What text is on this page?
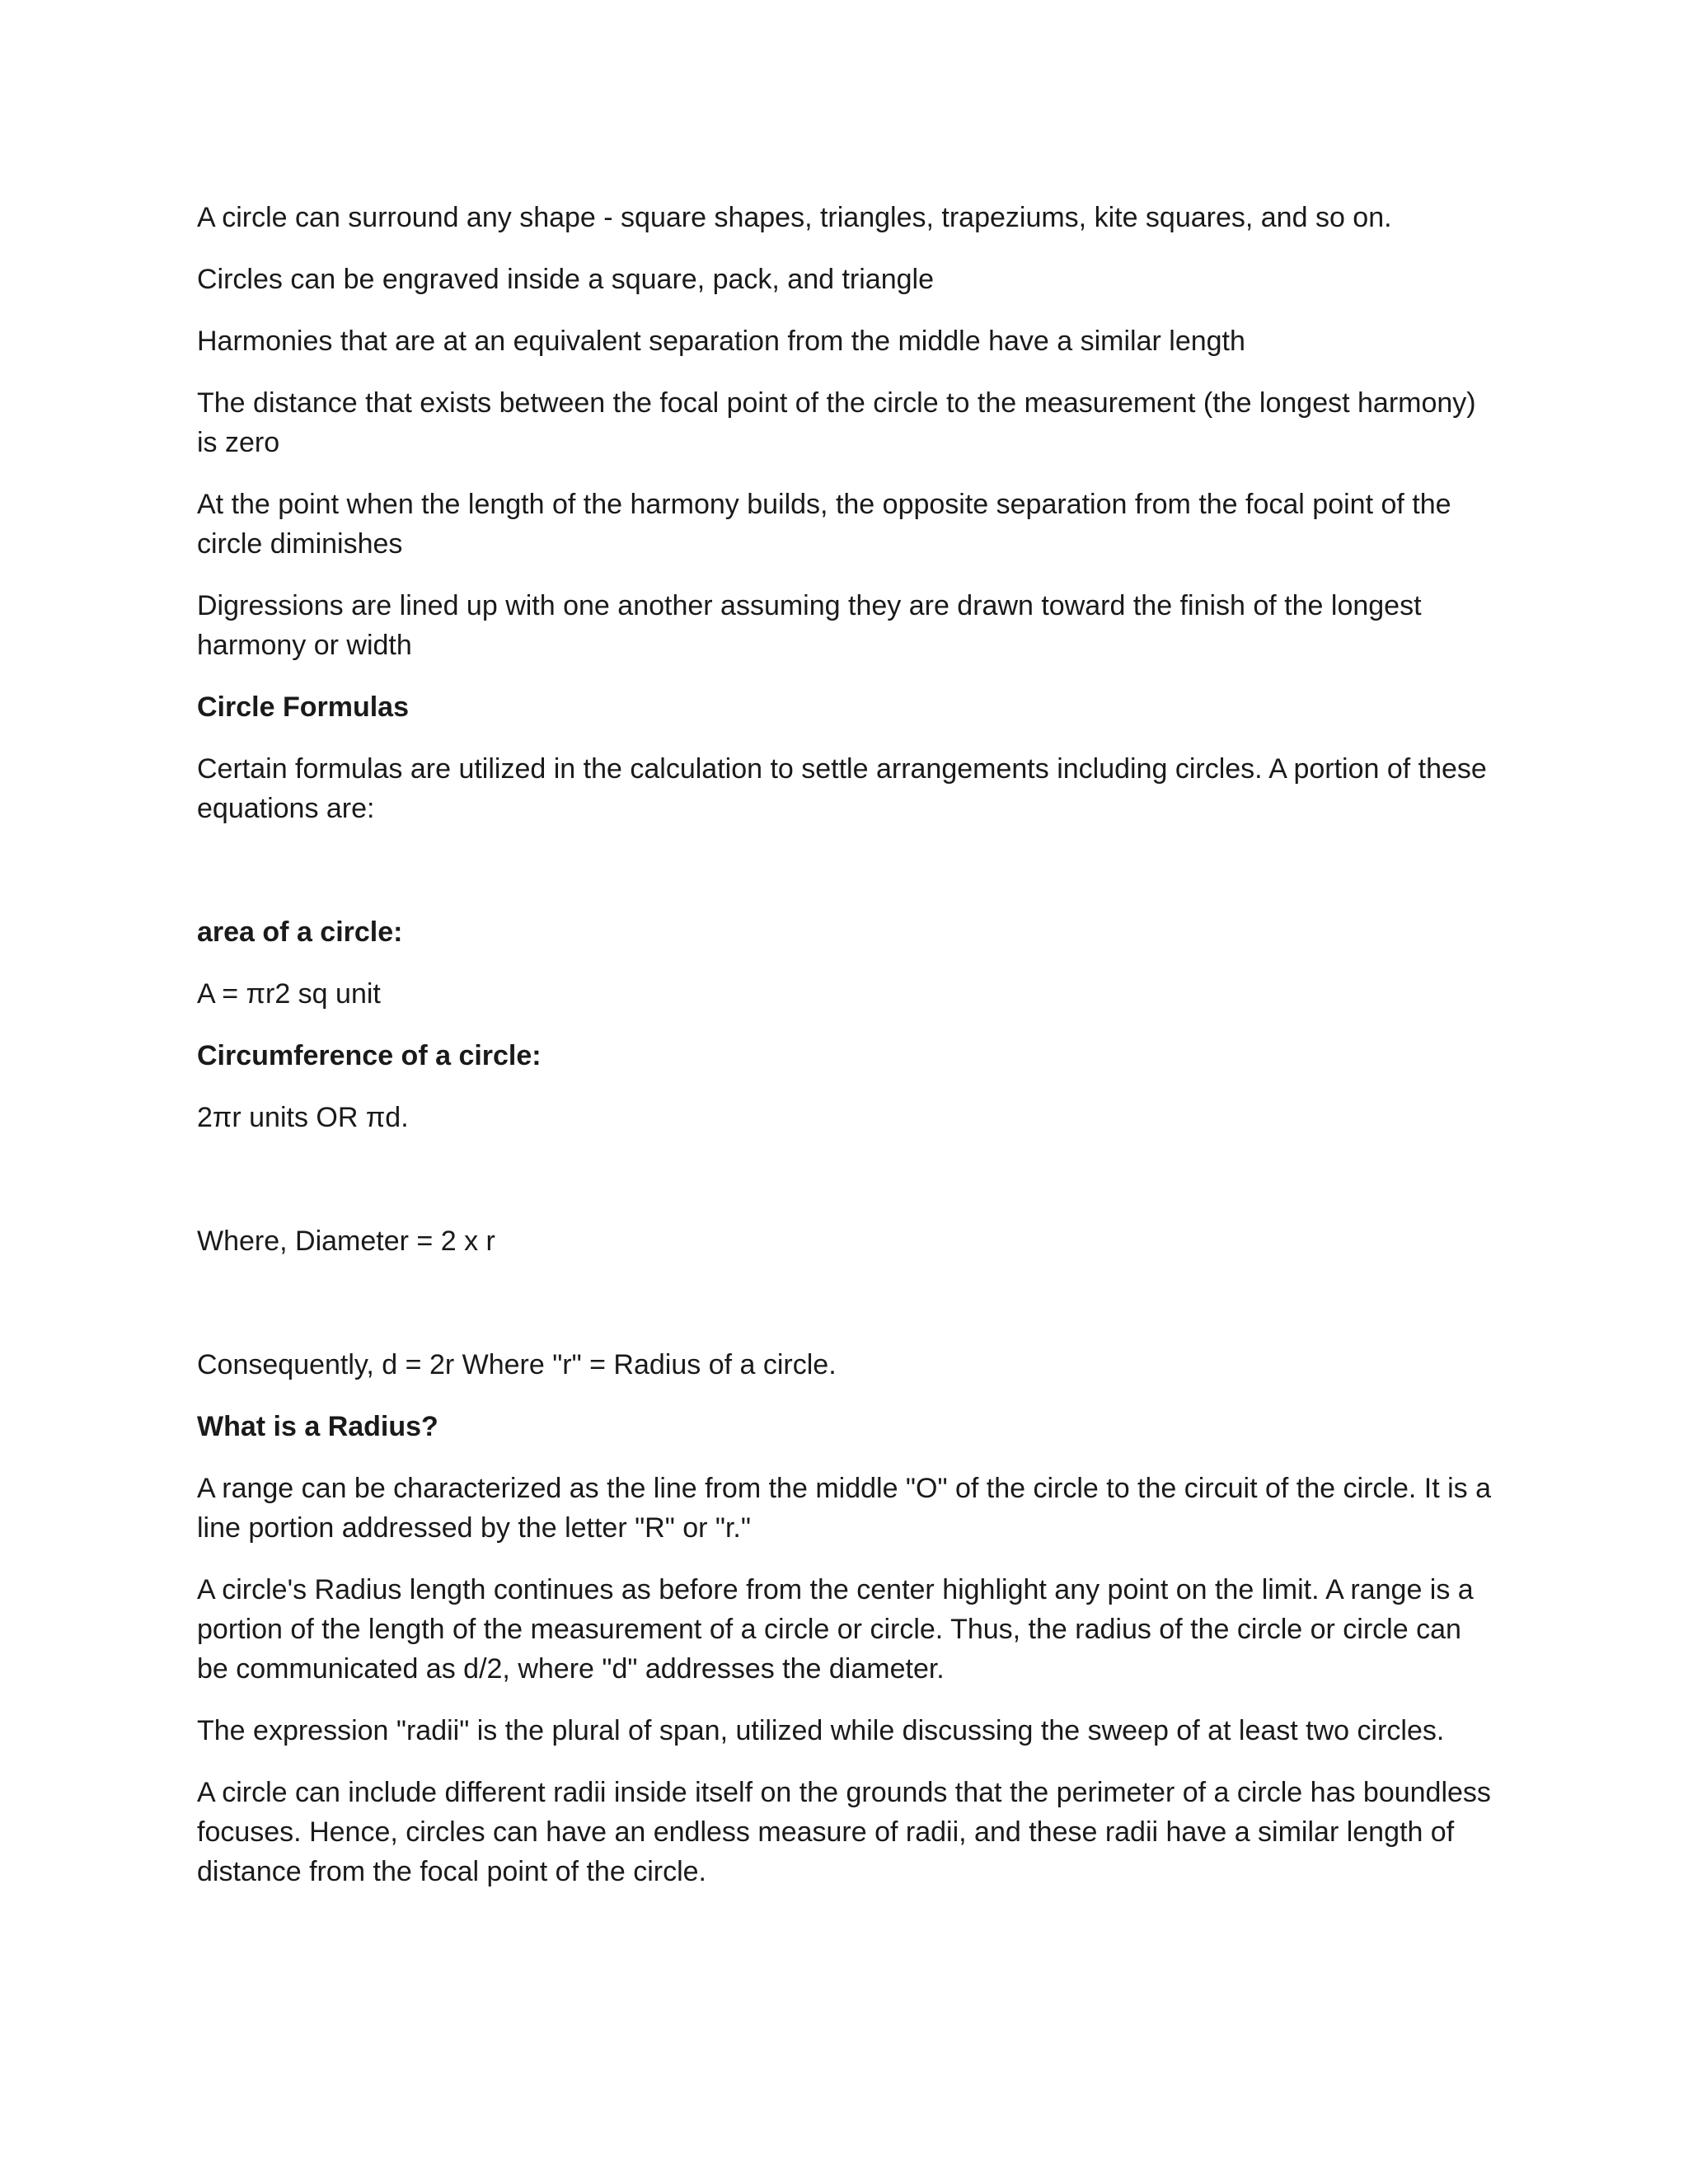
A circle can surround any shape - square shapes, triangles, trapeziums, kite squares, and so on.

Circles can be engraved inside a square, pack, and triangle

Harmonies that are at an equivalent separation from the middle have a similar length

The distance that exists between the focal point of the circle to the measurement (the longest harmony) is zero

At the point when the length of the harmony builds, the opposite separation from the focal point of the circle diminishes

Digressions are lined up with one another assuming they are drawn toward the finish of the longest harmony or width

Circle Formulas

Certain formulas are utilized in the calculation to settle arrangements including circles. A portion of these equations are:

area of a circle:

A = πr2 sq unit

Circumference of a circle:

2πr units OR πd.

Where, Diameter = 2 x r

Consequently, d = 2r Where "r" = Radius of a circle.

What is a Radius?

A range can be characterized as the line from the middle "O" of the circle to the circuit of the circle. It is a line portion addressed by the letter "R" or "r."

A circle's Radius length continues as before from the center highlight any point on the limit. A range is a portion of the length of the measurement of a circle or circle. Thus, the radius of the circle or circle can be communicated as d/2, where "d" addresses the diameter.

The expression "radii" is the plural of span, utilized while discussing the sweep of at least two circles.

A circle can include different radii inside itself on the grounds that the perimeter of a circle has boundless focuses. Hence, circles can have an endless measure of radii, and these radii have a similar length of distance from the focal point of the circle.
